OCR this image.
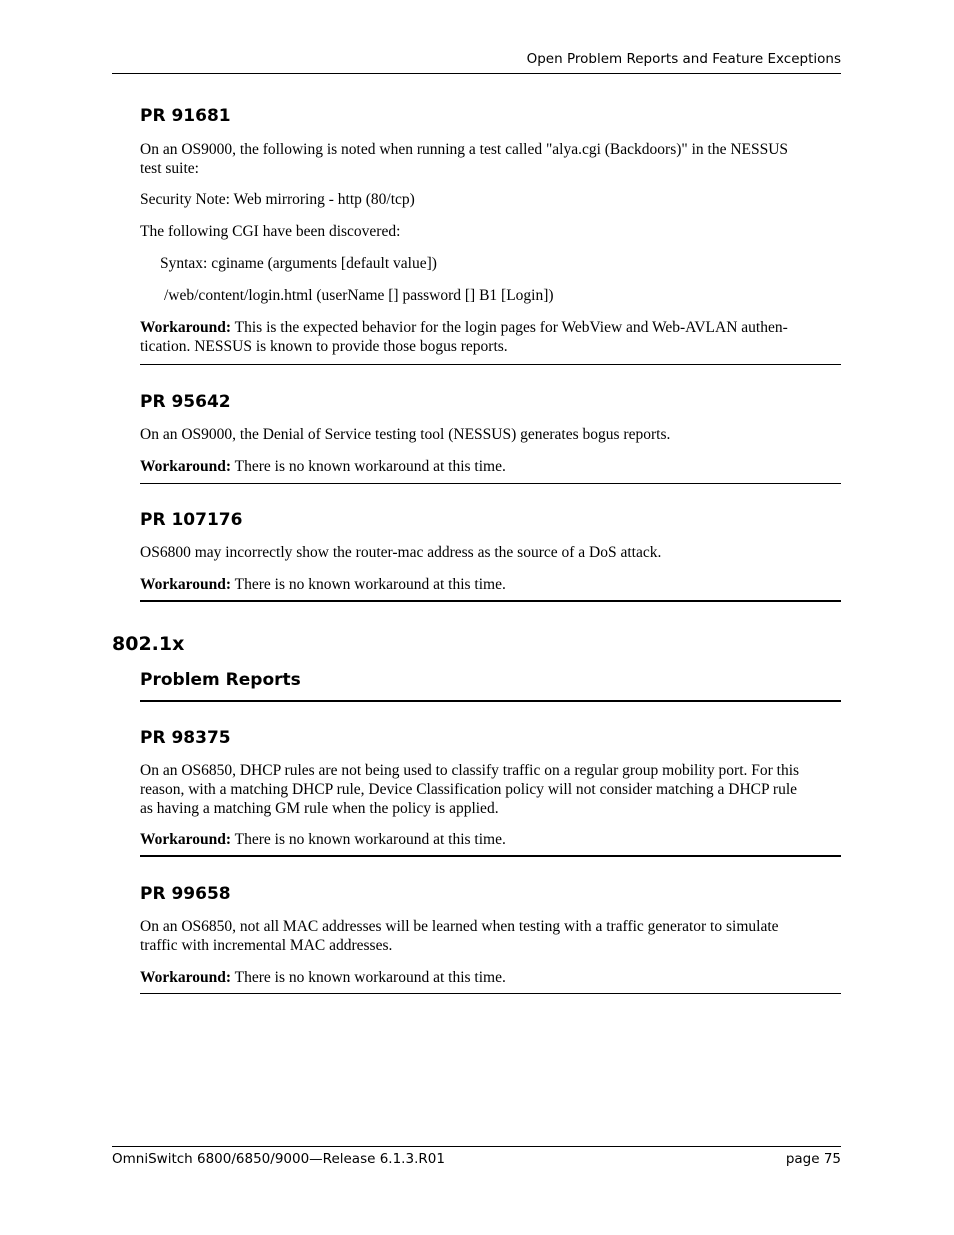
Open Problem Reports and Feature Exceptions
PR 91681
On an OS9000, the following is noted when running a test called "alya.cgi (Backdoors)" in the NESSUS
test suite:
Security Note: Web mirroring - http (80/tcp)
The following CGI have been discovered:
Syntax: cginame (arguments [default value])
/web/content/login.html (userName [] password [] B1 [Login])
Workaround: This is the expected behavior for the login pages for WebView and Web-AVLAN authen-
tication. NESSUS is known to provide those bogus reports.
PR 95642
On an OS9000, the Denial of Service testing tool (NESSUS) generates bogus reports.
Workaround: There is no known workaround at this time.
PR 107176
OS6800 may incorrectly show the router-mac address as the source of a DoS attack.
Workaround: There is no known workaround at this time.
802.1x
Problem Reports
PR 98375
On an OS6850, DHCP rules are not being used to classify traffic on a regular group mobility port. For this
reason, with a matching DHCP rule, Device Classification policy will not consider matching a DHCP rule
as having a matching GM rule when the policy is applied.
Workaround: There is no known workaround at this time.
PR 99658
On an OS6850, not all MAC addresses will be learned when testing with a traffic generator to simulate
traffic with incremental MAC addresses.
Workaround: There is no known workaround at this time.
OmniSwitch 6800/6850/9000—Release 6.1.3.R01	page 75
